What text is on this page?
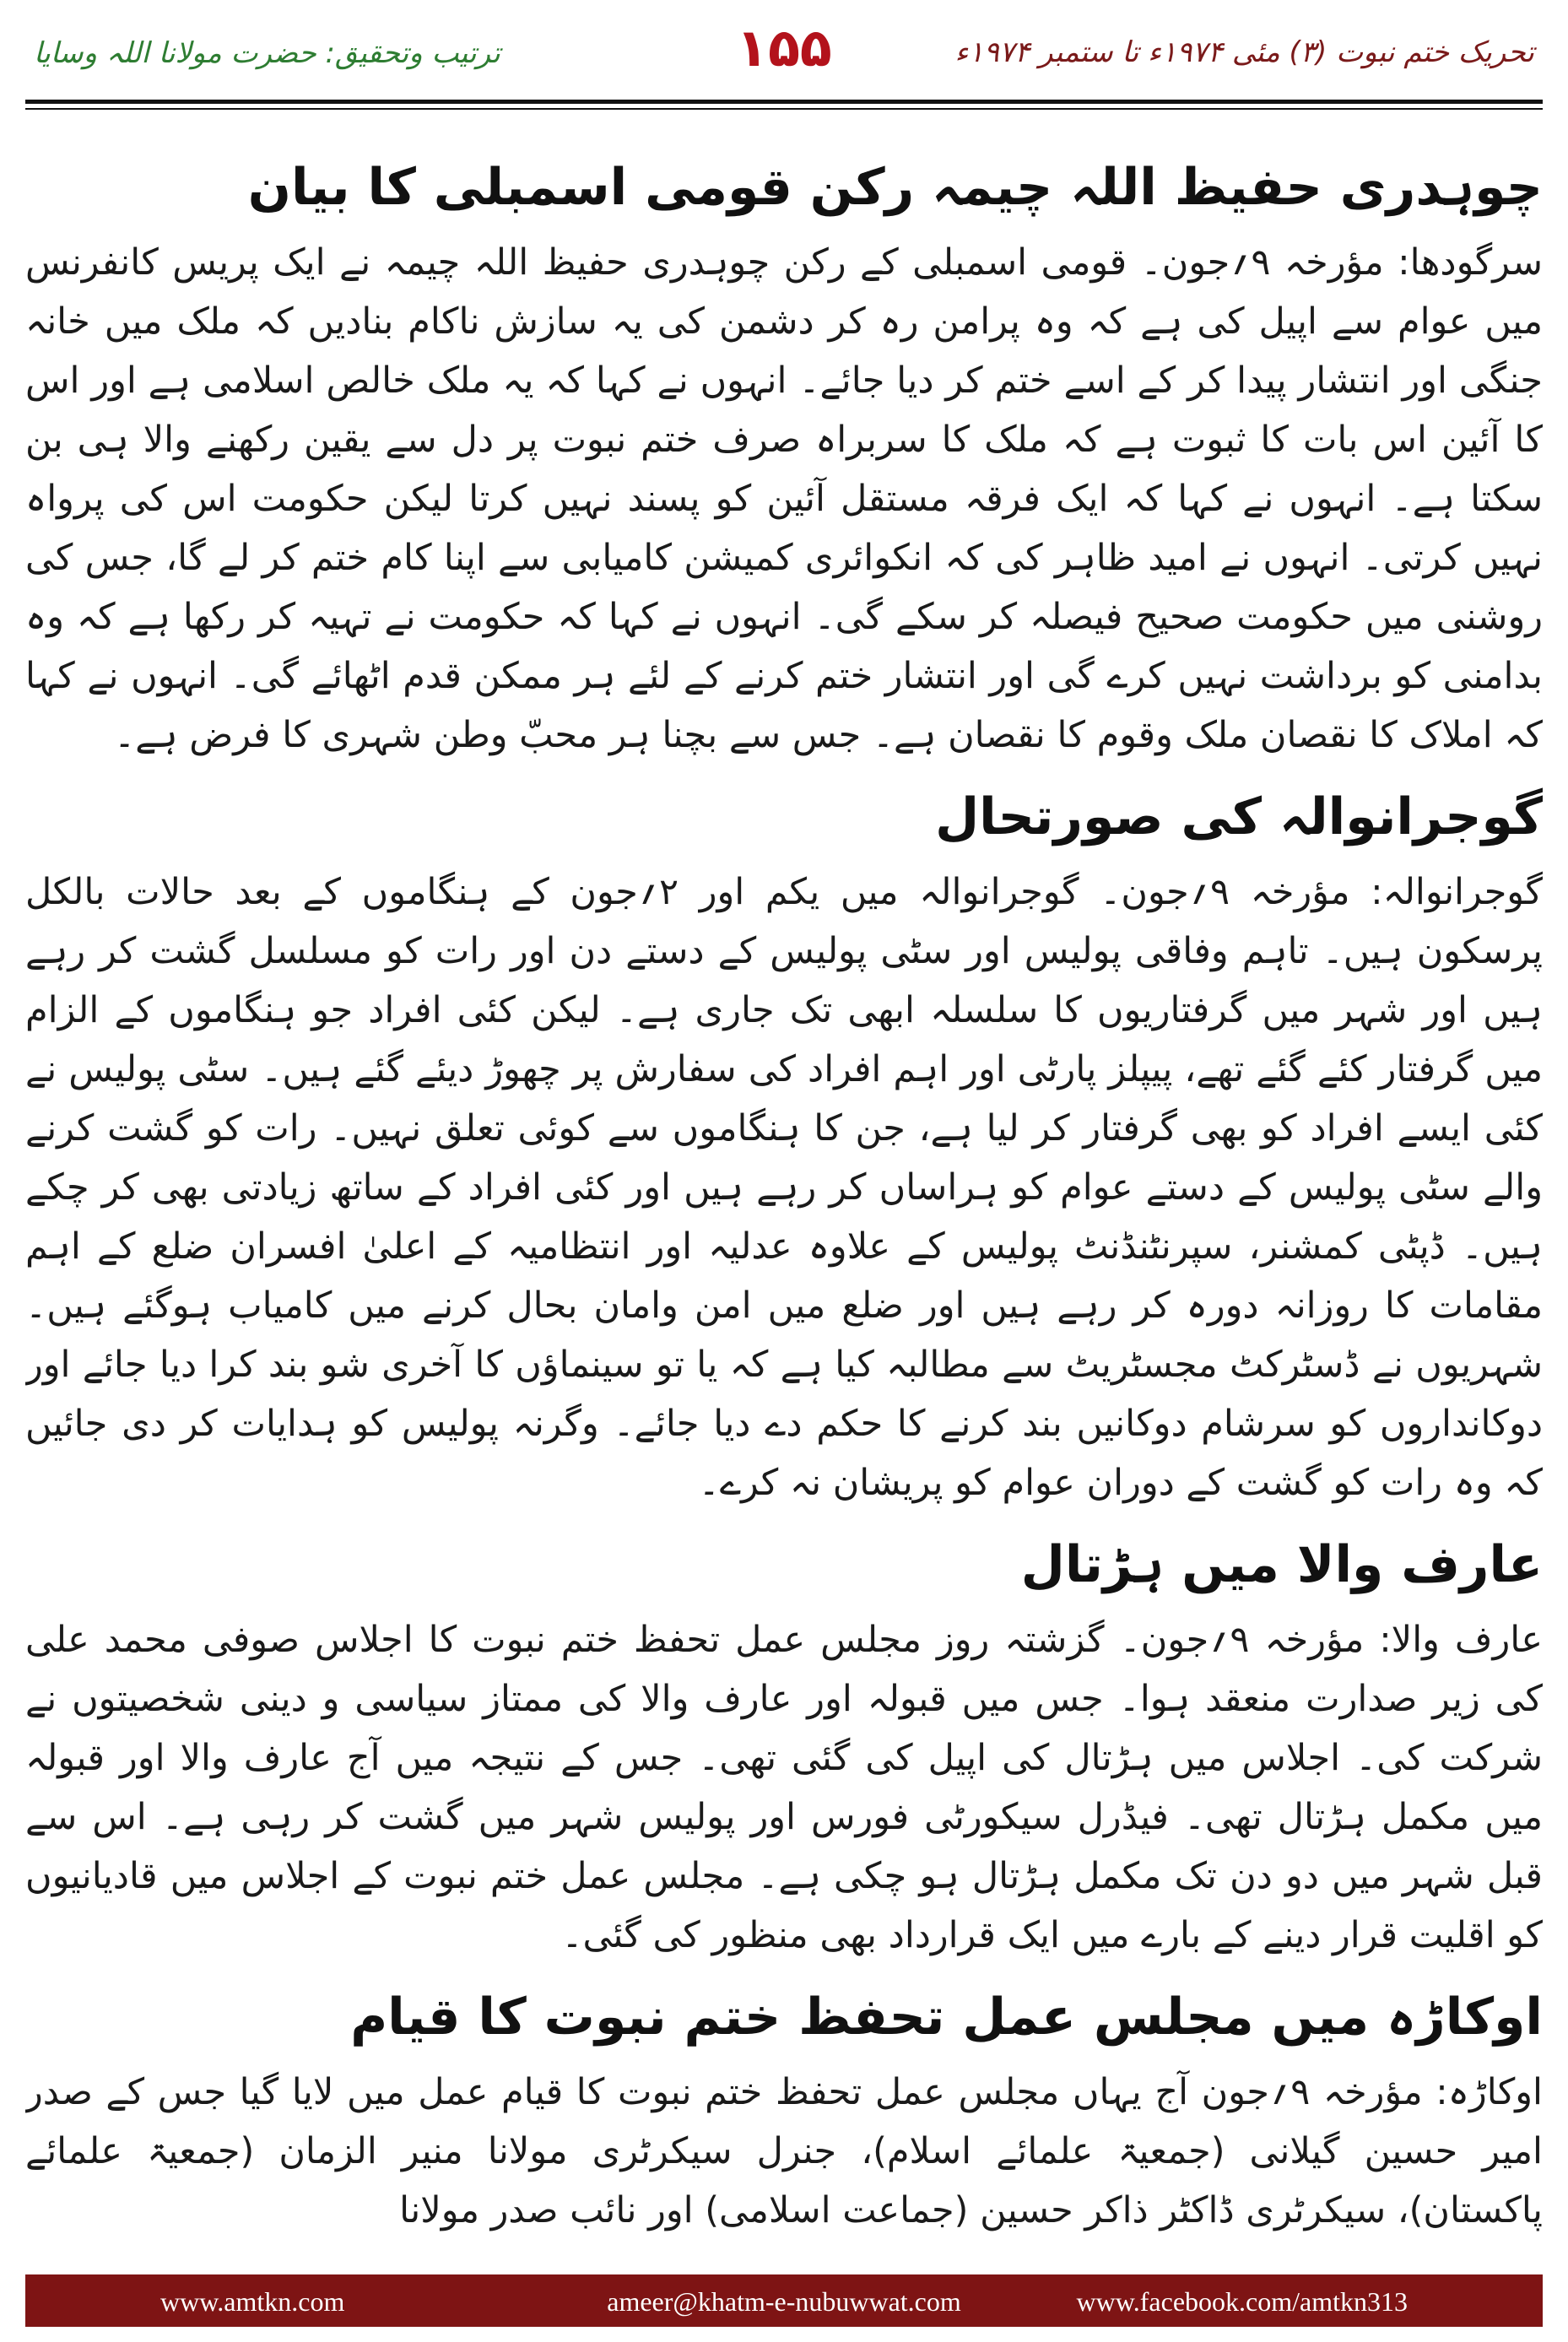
ترتیب وتحقیق: حضرت مولانا اللہ وسایا	۱۵۵	تحریک ختم نبوت (۳) مئی ۱۹۷۴ء تا ستمبر ۱۹۷۴ء
چوہدری حفیظ اللہ چیمہ رکن قومی اسمبلی کا بیان

سرگودھا: مؤرخہ ۹؍جون۔ قومی اسمبلی کے رکن چوہدری حفیظ اللہ چیمہ نے ایک پریس کانفرنس میں عوام سے اپیل کی ہے کہ وہ پرامن رہ کر دشمن کی یہ سازش ناکام بنادیں کہ ملک میں خانہ جنگی اور انتشار پیدا کر کے اسے ختم کر دیا جائے۔ انہوں نے کہا کہ یہ ملک خالص اسلامی ہے اور اس کا آئین اس بات کا ثبوت ہے کہ ملک کا سربراہ صرف ختم نبوت پر دل سے یقین رکھنے والا ہی بن سکتا ہے۔ انہوں نے کہا کہ ایک فرقہ مستقل آئین کو پسند نہیں کرتا لیکن حکومت اس کی پرواہ نہیں کرتی۔ انہوں نے امید ظاہر کی کہ انکوائری کمیشن کامیابی سے اپنا کام ختم کر لے گا، جس کی روشنی میں حکومت صحیح فیصلہ کر سکے گی۔ انہوں نے کہا کہ حکومت نے تہیہ کر رکھا ہے کہ وہ بدامنی کو برداشت نہیں کرے گی اور انتشار ختم کرنے کے لئے ہر ممکن قدم اٹھائے گی۔ انہوں نے کہا کہ املاک کا نقصان ملک وقوم کا نقصان ہے۔ جس سے بچنا ہر محبّ وطن شہری کا فرض ہے۔

گوجرانوالہ کی صورتحال

گوجرانوالہ: مؤرخہ ۹؍جون۔ گوجرانوالہ میں یکم اور ۲؍جون کے ہنگاموں کے بعد حالات بالکل پرسکون ہیں۔ تاہم وفاقی پولیس اور سٹی پولیس کے دستے دن اور رات کو مسلسل گشت کر رہے ہیں اور شہر میں گرفتاریوں کا سلسلہ ابھی تک جاری ہے۔ لیکن کئی افراد جو ہنگاموں کے الزام میں گرفتار کئے گئے تھے، پیپلز پارٹی اور اہم افراد کی سفارش پر چھوڑ دیئے گئے ہیں۔ سٹی پولیس نے کئی ایسے افراد کو بھی گرفتار کر لیا ہے، جن کا ہنگاموں سے کوئی تعلق نہیں۔ رات کو گشت کرنے والے سٹی پولیس کے دستے عوام کو ہراساں کر رہے ہیں اور کئی افراد کے ساتھ زیادتی بھی کر چکے ہیں۔ ڈپٹی کمشنر، سپرنٹنڈنٹ پولیس کے علاوہ عدلیہ اور انتظامیہ کے اعلیٰ افسران ضلع کے اہم مقامات کا روزانہ دورہ کر رہے ہیں اور ضلع میں امن وامان بحال کرنے میں کامیاب ہوگئے ہیں۔ شہریوں نے ڈسٹرکٹ مجسٹریٹ سے مطالبہ کیا ہے کہ یا تو سینماؤں کا آخری شو بند کرا دیا جائے اور دوکانداروں کو سرشام دوکانیں بند کرنے کا حکم دے دیا جائے۔ وگرنہ پولیس کو ہدایات کر دی جائیں کہ وہ رات کو گشت کے دوران عوام کو پریشان نہ کرے۔

عارف والا میں ہڑتال

عارف والا: مؤرخہ ۹؍جون۔ گزشتہ روز مجلس عمل تحفظ ختم نبوت کا اجلاس صوفی محمد علی کی زیر صدارت منعقد ہوا۔ جس میں قبولہ اور عارف والا کی ممتاز سیاسی و دینی شخصیتوں نے شرکت کی۔ اجلاس میں ہڑتال کی اپیل کی گئی تھی۔ جس کے نتیجہ میں آج عارف والا اور قبولہ میں مکمل ہڑتال تھی۔ فیڈرل سیکورٹی فورس اور پولیس شہر میں گشت کر رہی ہے۔ اس سے قبل شہر میں دو دن تک مکمل ہڑتال ہو چکی ہے۔ مجلس عمل ختم نبوت کے اجلاس میں قادیانیوں کو اقلیت قرار دینے کے بارے میں ایک قرارداد بھی منظور کی گئی۔

اوکاڑہ میں مجلس عمل تحفظ ختم نبوت کا قیام

اوکاڑہ: مؤرخہ ۹؍جون آج یہاں مجلس عمل تحفظ ختم نبوت کا قیام عمل میں لایا گیا جس کے صدر امیر حسین گیلانی (جمعیۃ علمائے اسلام)، جنرل سیکرٹری مولانا منیر الزمان (جمعیۃ علمائے پاکستان)، سیکرٹری ڈاکٹر ذاکر حسین (جماعت اسلامی) اور نائب صدر مولانا

www.amtkn.com	ameer@khatm-e-nubuwwat.com	www.facebook.com/amtkn313
